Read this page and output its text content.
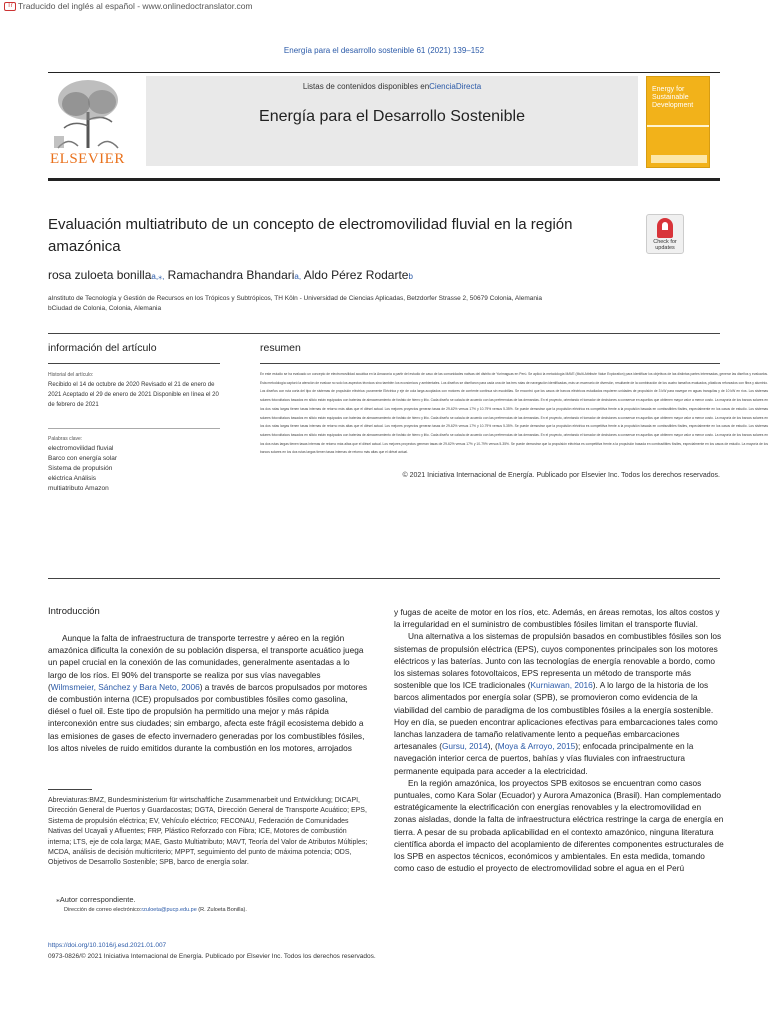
Tr Traducido del inglés al español - www.onlinedoctranslator.com
Energía para el desarrollo sostenible 61 (2021) 139–152
ELSEVIER
Listas de contenidos disponibles enCienciaDirecta
Energía para el Desarrollo Sostenible
Energy for Sustainable Development
Evaluación multiatributo de un concepto de electromovilidad fluvial en la región amazónica	Check for updates
rosa zuloeta bonillaa,⁎, Ramachandra Bhandaria, Aldo Pérez Rodarteb
aInstituto de Tecnología y Gestión de Recursos en los Trópicos y Subtrópicos, TH Köln - Universidad de Ciencias Aplicadas, Betzdorfer Strasse 2, 50679 Colonia, Alemania
bCiudad de Colonia, Colonia, Alemania
información del artículo	resumen
Historial del artículo:
Recibido el 14 de octubre de 2020 Revisado el 21 de enero de 2021 Aceptado el 29 de enero de 2021 Disponible en línea el 20 de febrero de 2021
Palabras clave:
electromovilidad fluvial
Barco con energía solar
Sistema de propulsión
eléctrica Análisis
multiatributo Amazon
En este estudio se ha evaluado un concepto de electromovilidad acuática en la Amazonía a partir del estudio de caso de las comunidades nativas del distrito de Yurimaguas en Perú. Se aplicó la metodología MAVE (Multi-Attribute Value Exploration) para identificar los objetivos de las distintas partes interesadas, generar las diseños y evaluarlos. Esta metodología capturó la atención de evaluar no solo los aspectos técnicos sino también los económicos y ambientales. Los diseños se diseñaron para cada una de las tres rutas de navegación identificadas, más un escenario de diversión, resultante de la combinación de los cuatro tamaños evaluados, plásticos reforzados con fibra y aluminio. Los diseños con ruta corta del tipo de sistemas de propulsión eléctrica: puramente Eléctrica y eje de cola larga acoplados con motores de corriente continua sin escobillas. Se encontró que los casos de barcos eléctricos estudiados requieren unidades de propulsión de 3 kW para navegar en aguas tranquilas y de 10 kW en ríos. Los sistemas solares fotovoltaicos basados en silicio están equipados con baterías de almacenamiento de fosfato de hierro y litio. Cada diseño se calcula de acuerdo con las preferencias de las demandas. En el proyecto, orientando el tomador de decisiones a conservar en aquellos que obtienen mayor valor a menor costo. La mayoría de los barcos solares en los dos rutas largas tienen tasas internas de retorno más altas que el diésel actual. Los mejores proyectos generan tasas de 29-62% versus 17% y 10-79% versus 5-35%. Se puede demostrar que la propulsión eléctrica es competitiva frente a la propulsión basada en combustibles fósiles, especialmente en los casos de estudio. Los sistemas solares fotovoltaicos basados en silicio están equipados con baterías de almacenamiento de fosfato de hierro y litio. Cada diseño se calcula de acuerdo con las preferencias de las demandas. En el proyecto, orientando el tomador de decisiones a conservar en aquellos que obtienen mayor valor a menor costo. La mayoría de los barcos solares en los dos rutas largas tienen tasas internas de retorno más altas que el diésel actual. Los mejores proyectos generan tasas de 29-62% versus 17% y 10-79% versus 5-35%. Se puede demostrar que la propulsión eléctrica es competitiva frente a la propulsión basada en combustibles fósiles, especialmente en los casos de estudio. Los sistemas solares fotovoltaicos basados en silicio están equipados con baterías de almacenamiento de fosfato de hierro y litio. Cada diseño se calcula de acuerdo con las preferencias de las demandas. En el proyecto, orientando el tomador de decisiones a conservar en aquellos que obtienen mayor valor a menor costo. La mayoría de los barcos solares en los dos rutas largas tienen tasas internas de retorno más altas que el diésel actual. Los mejores proyectos generan tasas de 29-62% versus 17% y 10-79% versus 5-35%. Se puede demostrar que la propulsión eléctrica es competitiva frente a la propulsión basada en combustibles fósiles, especialmente en los casos de estudio. La mayoría de los barcos solares en los dos rutas largas tienen tasas internas de retorno más altas que el diésel actual.
© 2021 Iniciativa Internacional de Energía. Publicado por Elsevier Inc. Todos los derechos reservados.
Introducción

Aunque la falta de infraestructura de transporte terrestre y aéreo en la región amazónica dificulta la conexión de su población dispersa, el transporte acuático juega un papel crucial en la conexión de las comunidades, generalmente asentadas a lo largo de los ríos. El 90% del transporte se realiza por sus vías navegables (Wilmsmeier, Sánchez y Bara Neto, 2006) a través de barcos propulsados por motores de combustión interna (ICE) propulsados por combustibles fósiles como gasolina, diésel o fuel oil. Este tipo de propulsión ha permitido una mejor y más rápida interconexión entre sus ciudades; sin embargo, afecta este frágil ecosistema debido a las emisiones de gases de efecto invernadero generadas por los combustibles fósiles, los altos niveles de ruido emitidos durante la combustión en los motores, arrojados

y fugas de aceite de motor en los ríos, etc. Además, en áreas remotas, los altos costos y la irregularidad en el suministro de combustibles fósiles limitan el transporte fluvial.

Una alternativa a los sistemas de propulsión basados en combustibles fósiles son los sistemas de propulsión eléctrica (EPS), cuyos componentes principales son los motores eléctricos y las baterías. Junto con las tecnologías de energía renovable a bordo, como los sistemas solares fotovoltaicos, EPS representa un método de transporte más sostenible que los ICE tradicionales (Kurniawan, 2016). A lo largo de la historia de los barcos alimentados por energía solar (SPB), se promovieron como evidencia de la viabilidad del cambio de paradigma de los combustibles fósiles a la energía sostenible. Hoy en día, se pueden encontrar aplicaciones efectivas para embarcaciones tales como lanchas lanzadera de tamaño relativamente lento a pequeñas embarcaciones artesanales (Gursu, 2014), (Moya & Arroyo, 2015); enfocada principalmente en la navegación interior cerca de puertos, bahías y vías fluviales con infraestructura permanente equipada para acceder a la electricidad.

En la región amazónica, los proyectos SPB exitosos se encuentran como casos puntuales, como Kara Solar (Ecuador) y Aurora Amazonica (Brasil). Han complementado estratégicamente la electrificación con energías renovables y la electromovilidad en zonas aisladas, donde la falta de infraestructura eléctrica restringe la carga de energía en tierra. A pesar de su probada aplicabilidad en el contexto amazónico, ninguna literatura científica aborda el impacto del acoplamiento de diferentes componentes estructurales de los SPB en aspectos técnicos, económicos y ambientales. En esta medida, tomando como caso de estudio el proyecto de electromovilidad sobre el agua en el Perú

Abreviaturas:BMZ, Bundesministerium für wirtschaftliche Zusammenarbeit und Entwicklung; DICAPI, Dirección General de Puertos y Guardacostas; DGTA, Dirección General de Transporte Acuático; EPS, Sistema de propulsión eléctrica; EV, Vehículo eléctrico; FECONAU, Federación de Comunidades Nativas del Ucayali y Afluentes; FRP, Plástico Reforzado con Fibra; ICE, Motores de combustión interna; LTS, eje de cola larga; MAE, Gasto Multiatributo; MAVT, Teoría del Valor de Atributos Múltiples; MCDA, análisis de decisión multicriterio; MPPT, seguimiento del punto de máxima potencia; ODS, Objetivos de Desarrollo Sostenible; SPB, barco de energía solar.
⁎Autor correspondiente.
Dirección de correo electrónico:rzuloeta@pucp.edu.pe (R. Zuloeta Bonilla).
https://doi.org/10.1016/j.esd.2021.01.007
0973-0826/© 2021 Iniciativa Internacional de Energía. Publicado por Elsevier Inc. Todos los derechos reservados.
